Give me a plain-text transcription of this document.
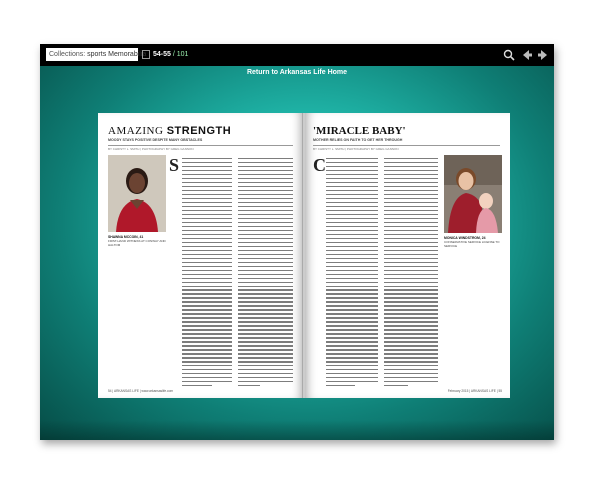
Collections: sports Memorabilia 54-55 / 101
Return to Arkansas Life Home
AMAZING STRENGTH
MOODY STAYS POSITIVE DESPITE MANY OBSTACLES
BY CHRISTY L. SMITH | PHOTOGRAPHY BY GREG GANNON
SHAWNA MCCOIN, 41
FIRST-HAND WITNESS AT CONWAY AND HALTOM
S
54 | ARKANSAS LIFE | www.arkansaslife.com
'MIRACLE BABY'
MOTHER RELIES ON FAITH TO GET HER THROUGH
BY CHRISTY L. SMITH | PHOTOGRAPHY BY GREG GANNON
C
MONICA WINDSTROM, 24
CONSERVATIVE SERVICE LICENSE TO SERVICE
February 2015 | ARKANSAS LIFE | 55
